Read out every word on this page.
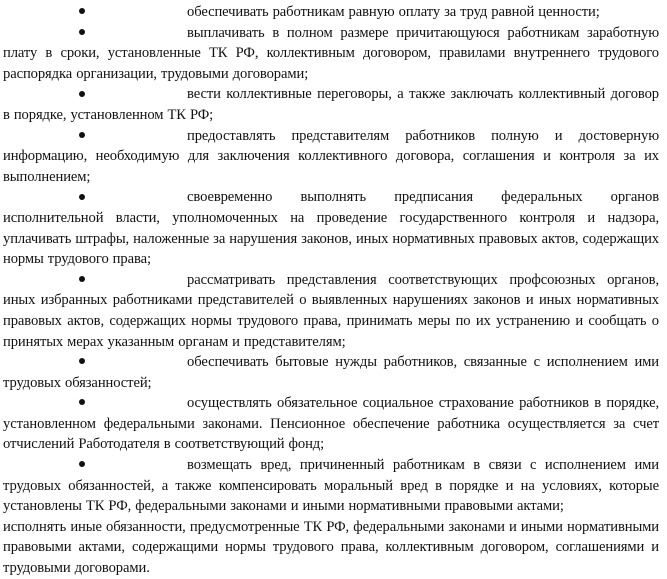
обеспечивать работникам равную оплату за труд равной ценности;

выплачивать в полном размере причитающуюся работникам заработную плату в сроки, установленные ТК РФ, коллективным договором, правилами внутреннего трудового распорядка организации, трудовыми договорами;

вести коллективные переговоры, а также заключать коллективный договор в порядке, установленном ТК РФ;

предоставлять представителям работников полную и достоверную информацию, необходимую для заключения коллективного договора, соглашения и контроля за их выполнением;

своевременно выполнять предписания федеральных органов исполнительной власти, уполномоченных на проведение государственного контроля и надзора, уплачивать штрафы, наложенные за нарушения законов, иных нормативных правовых актов, содержащих нормы трудового права;

рассматривать представления соответствующих профсоюзных органов, иных избранных работниками представителей о выявленных нарушениях законов и иных нормативных правовых актов, содержащих нормы трудового права, принимать меры по их устранению и сообщать о принятых мерах указанным органам и представителям;

обеспечивать бытовые нужды работников, связанные с исполнением ими трудовых обязанностей;

осуществлять обязательное социальное страхование работников в порядке, установленном федеральными законами. Пенсионное обеспечение работника осуществляется за счет отчислений Работодателя в соответствующий фонд;

возмещать вред, причиненный работникам в связи с исполнением ими трудовых обязанностей, а также компенсировать моральный вред в порядке и на условиях, которые установлены ТК РФ, федеральными законами и иными нормативными правовыми актами;

исполнять иные обязанности, предусмотренные ТК РФ, федеральными законами и иными нормативными правовыми актами, содержащими нормы трудового права, коллективным договором, соглашениями и трудовыми договорами.
